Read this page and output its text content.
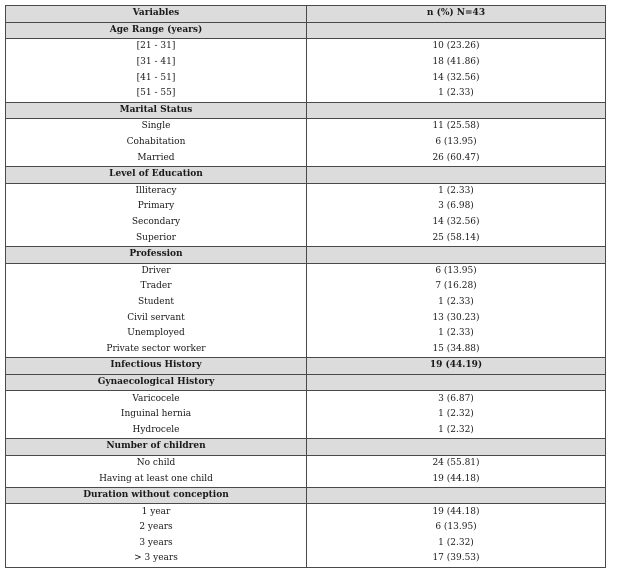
Variables	n (%) N=43
Age Range (years)	
[21 - 31]	10 (23.26)
[31 - 41]	18 (41.86)
[41 - 51]	14 (32.56)
[51 - 55]	1 (2.33)
Marital Status	
Single	11 (25.58)
Cohabitation	6 (13.95)
Married	26 (60.47)
Level of Education	
Illiteracy	1 (2.33)
Primary	3 (6.98)
Secondary	14 (32.56)
Superior	25 (58.14)
Profession	
Driver	6 (13.95)
Trader	7 (16.28)
Student	1 (2.33)
Civil servant	13 (30.23)
Unemployed	1 (2.33)
Private sector worker	15 (34.88)
Infectious History	19 (44.19)
Gynaecological History	
Varicocele	3 (6.87)
Inguinal hernia	1 (2.32)
Hydrocele	1 (2.32)
Number of children	
No child	24 (55.81)
Having at least one child	19 (44.18)
Duration without conception	
1 year	19 (44.18)
2 years	6 (13.95)
3 years	1 (2.32)
> 3 years	17 (39.53)
